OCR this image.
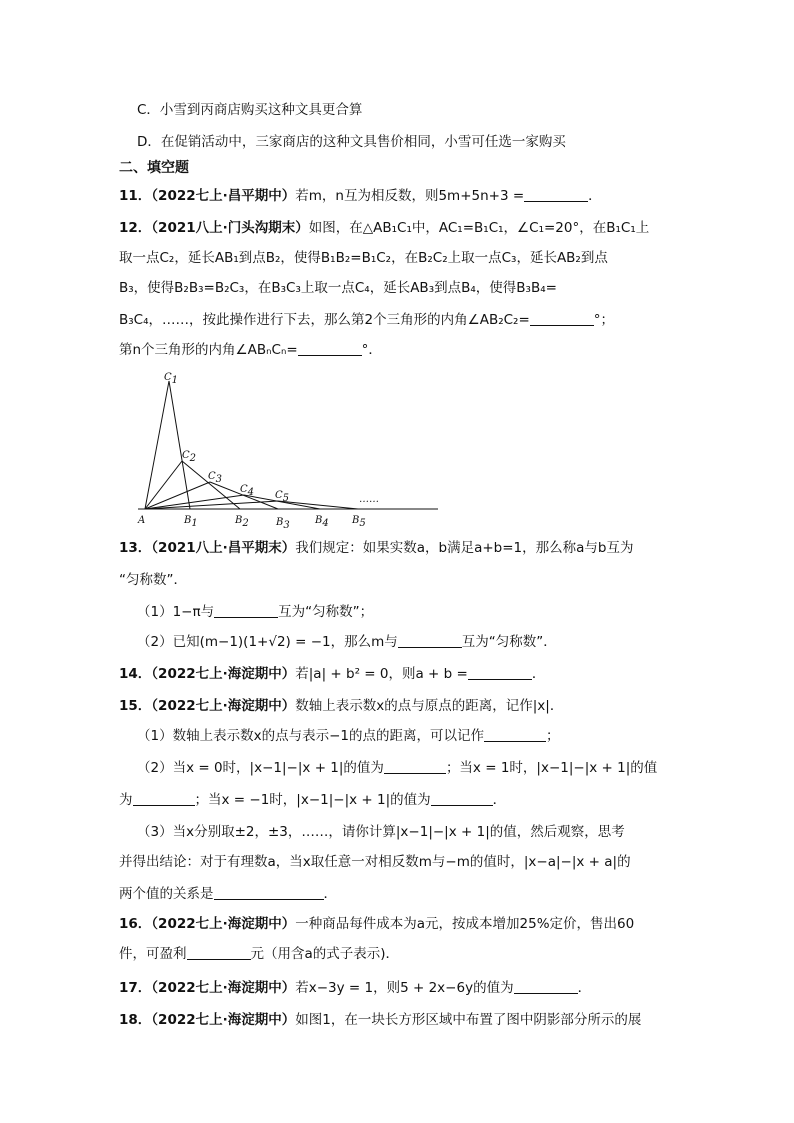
C．小雪到丙商店购买这种文具更合算
D．在促销活动中，三家商店的这种文具售价相同，小雪可任选一家购买
二、填空题
11．（2022七上·昌平期中）若m，n互为相反数，则5m+5n+3 =	．
12．（2021八上·门头沟期末）如图，在△AB₁C₁中，AC₁=B₁C₁，∠C₁=20°，在B₁C₁上
取一点C₂，延长AB₁到点B₂，使得B₁B₂=B₁C₂，在B₂C₂上取一点C₃，延长AB₂到点
B₃，使得B₂B₃=B₂C₃，在B₃C₃上取一点C₄，延长AB₃到点B₄，使得B₃B₄=
B₃C₄，……，按此操作进行下去，那么第2个三角形的内角∠AB₂C₂=	°；
第n个三角形的内角∠ABₙCₙ=	°．
C1
C2
C3
C4 C5	……
A	B1	B2	B3	B4 B5
13．（2021八上·昌平期末）我们规定：如果实数a，b满足a+b=1，那么称a与b互为
“匀称数”．
（1）1−π与	互为“匀称数”；
（2）已知(m−1)(1+√2) = −1，那么m与	互为“匀称数”．
14．（2022七上·海淀期中）若|a| + b² = 0，则a + b =	．
15．（2022七上·海淀期中）数轴上表示数x的点与原点的距离，记作|x|．
（1）数轴上表示数x的点与表示−1的点的距离，可以记作	；
（2）当x = 0时，|x−1|−|x + 1|的值为	；当x = 1时，|x−1|−|x + 1|的值
为	；当x = −1时，|x−1|−|x + 1|的值为	．
（3）当x分别取±2，±3，……，请你计算|x−1|−|x + 1|的值，然后观察，思考
并得出结论：对于有理数a，当x取任意一对相反数m与−m的值时，|x−a|−|x + a|的
两个值的关系是	．
16．（2022七上·海淀期中）一种商品每件成本为a元，按成本增加25%定价，售出60
件，可盈利	元（用含a的式子表示)．
17．（2022七上·海淀期中）若x−3y = 1，则5 + 2x−6y的值为	．
18．（2022七上·海淀期中）如图1，在一块长方形区域中布置了图中阴影部分所示的展
